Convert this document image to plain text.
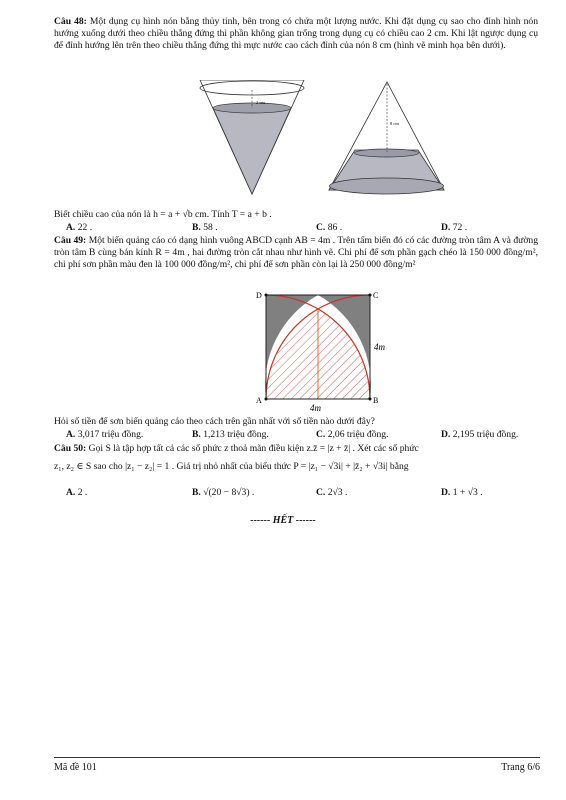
Câu 48: Một dụng cụ hình nón bằng thủy tinh, bên trong có chứa một lượng nước. Khi đặt dụng cụ sao cho đỉnh hình nón hướng xuống dưới theo chiều thẳng đứng thì phần không gian trống trong dụng cụ có chiều cao 2 cm. Khi lật ngược dụng cụ để đỉnh hướng lên trên theo chiều thẳng đứng thì mực nước cao cách đỉnh của nón 8 cm (hình vẽ minh họa bên dưới).

2 cm
8 cm

Biết chiều cao của nón là h = a + √b cm. Tính T = a + b .

A. 22 .	B. 58 .	C. 86 .	D. 72 .

Câu 49: Một biển quảng cáo có dạng hình vuông ABCD cạnh AB = 4m . Trên tấm biển đó có các đường tròn tâm A và đường tròn tâm B cùng bán kính R = 4m , hai đường tròn cắt nhau như hình vẽ. Chi phí để sơn phần gạch chéo là 150 000 đồng/m², chi phí sơn phần màu đen là 100 000 đồng/m², chi phí để sơn phần còn lại là 250 000 đồng/m²

D	C
A	B
4m
4m

Hỏi số tiền để sơn biển quảng cáo theo cách trên gần nhất với số tiền nào dưới đây?

A. 3,017 triệu đồng.	B. 1,213 triệu đồng.	C. 2,06 triệu đồng.	D. 2,195 triệu đồng.

Câu 50: Gọi S là tập hợp tất cả các số phức z thoả mãn điều kiện z.z̄ = |z + z̄| . Xét các số phức

z₁, z₂ ∈ S sao cho |z₁ − z₂| = 1 . Giá trị nhỏ nhất của biểu thức P = |z₁ − √3i| + |z̄₂ + √3i| bằng

A. 2 .	B. √(20 − 8√3) .	C. 2√3 .	D. 1 + √3 .
------ HẾT ------
Mã đề 101	Trang 6/6
